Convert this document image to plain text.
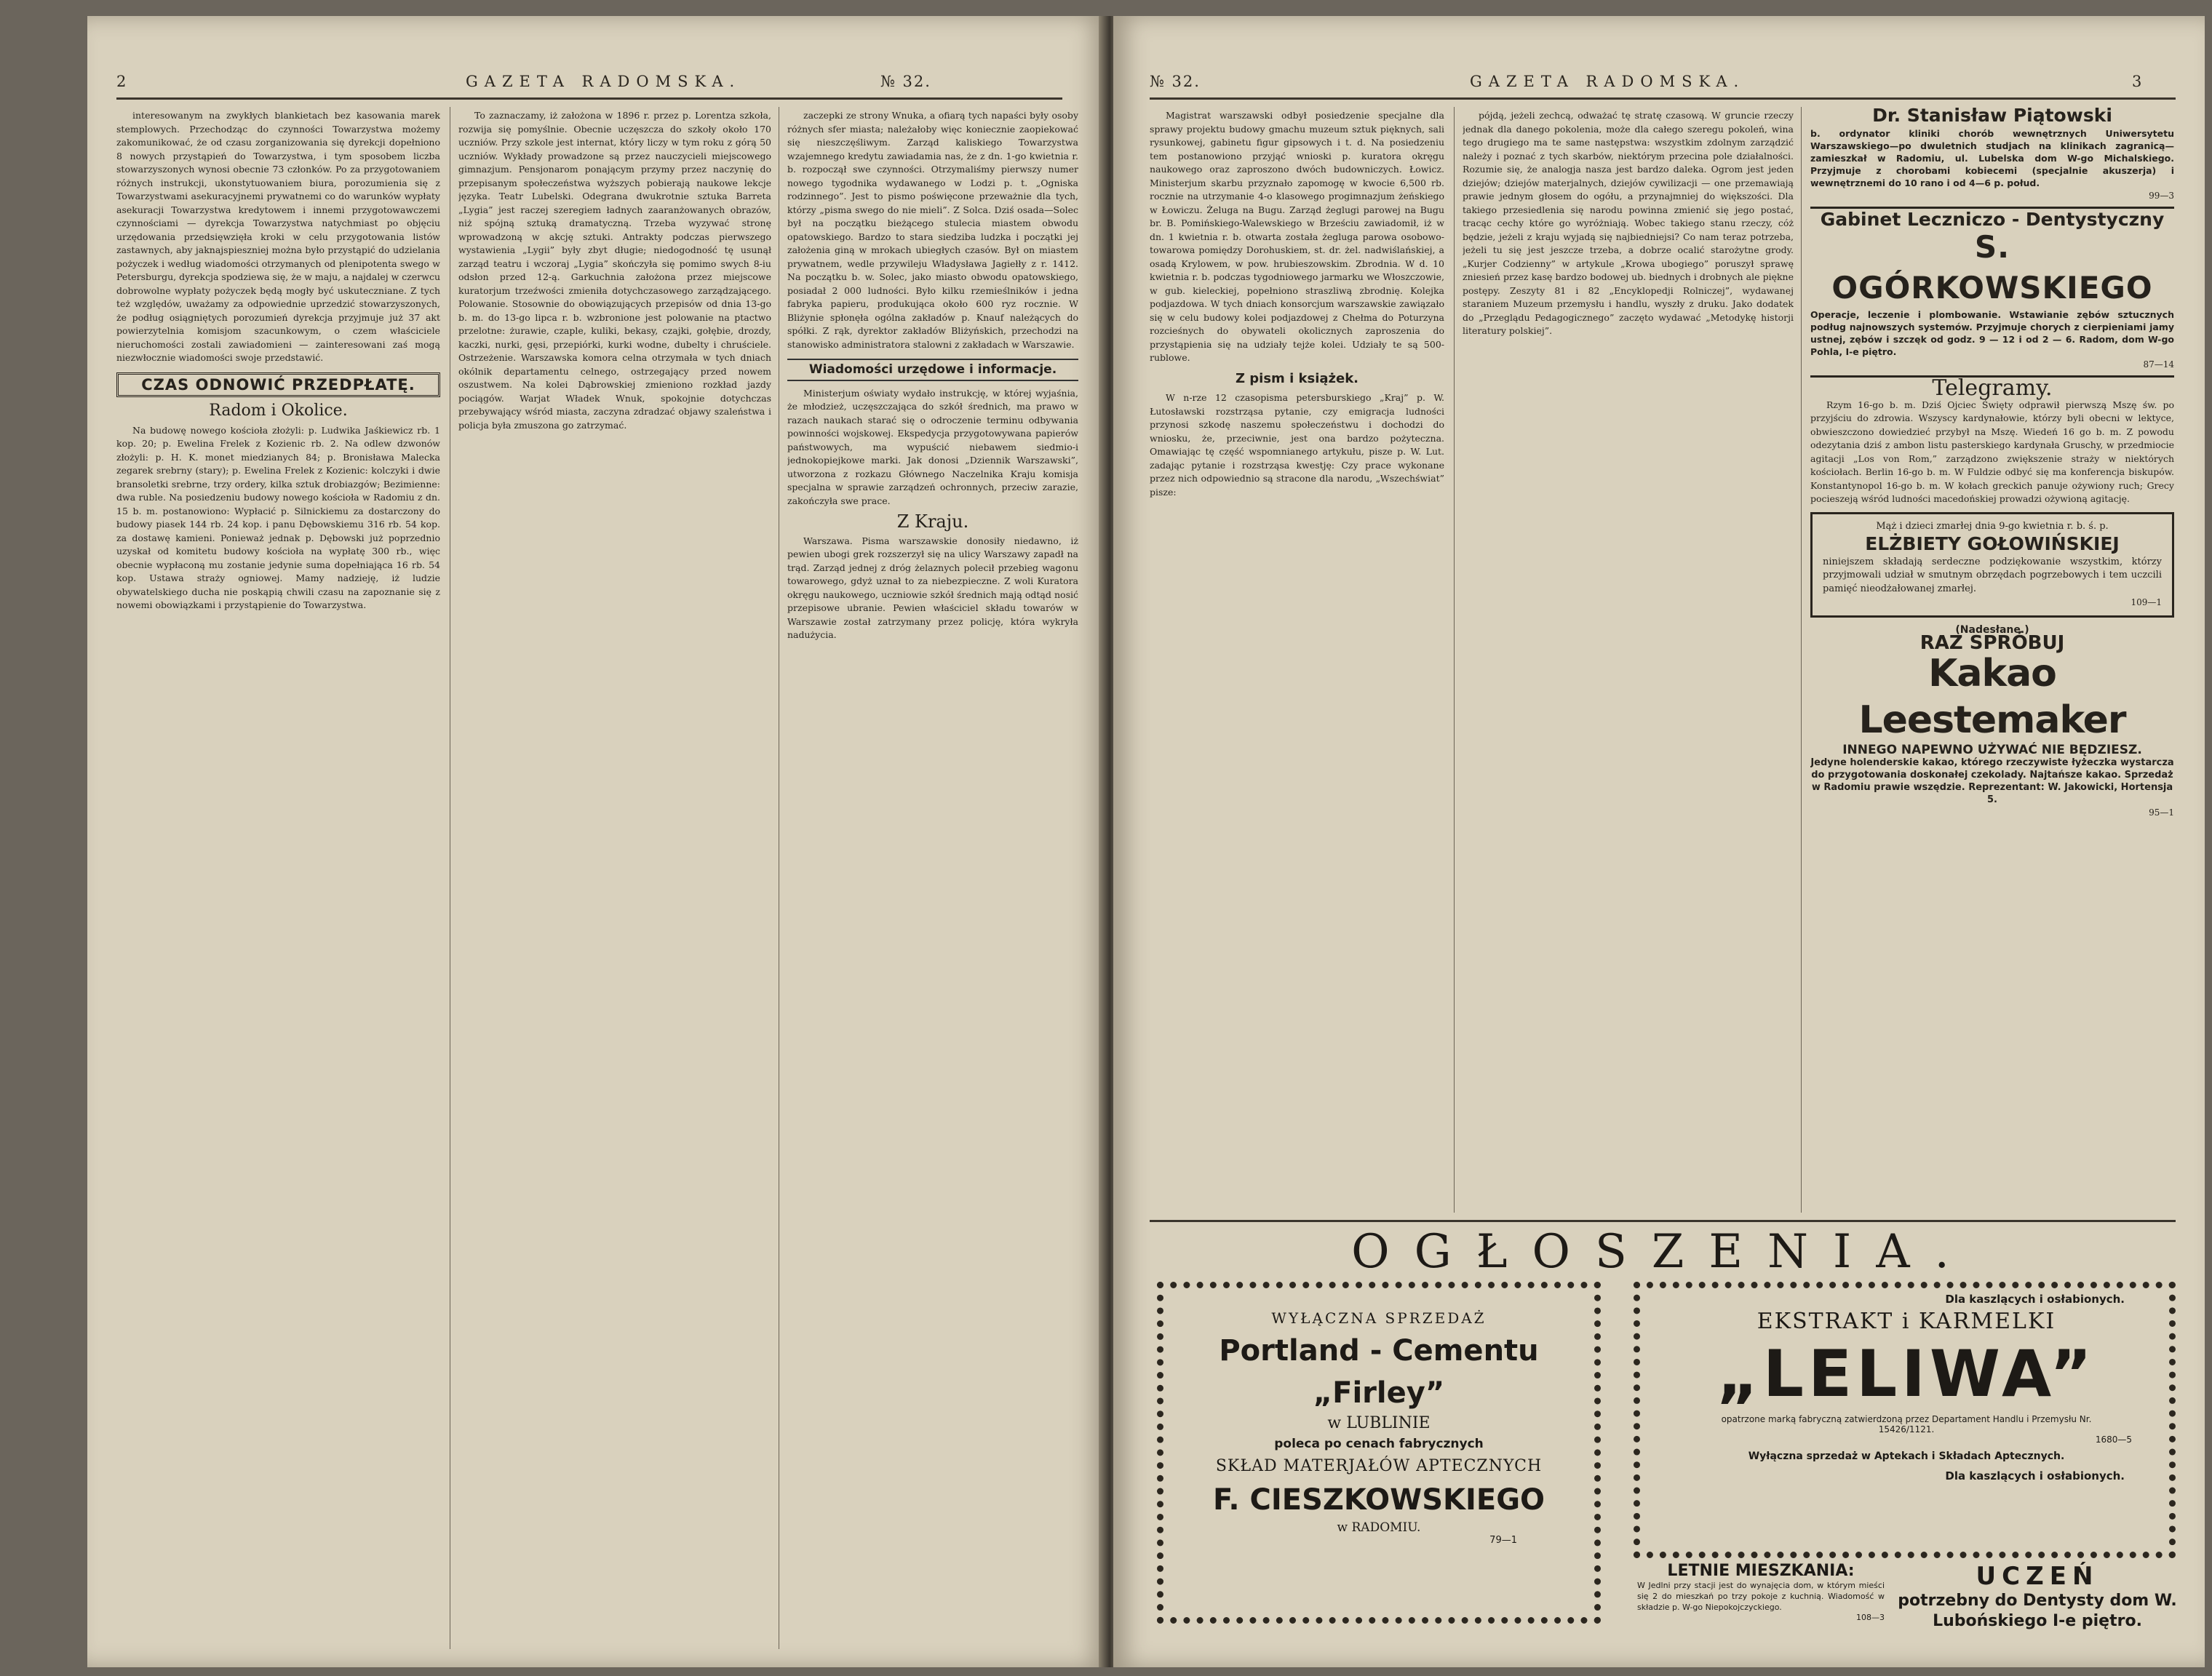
2	GAZETA RADOMSKA.	№ 32.

interesowanym na zwykłych blankietach bez kasowania marek stemplowych. Przechodząc do czynności Towarzystwa możemy zakomunikować, że od czasu zorganizowania się dyrekcji dopełniono 8 nowych przystąpień do Towarzystwa, i tym sposobem liczba stowarzyszonych wynosi obecnie 73 członków. Po za przygotowaniem różnych instrukcji, ukonstytuowaniem biura, porozumienia się z Towarzystwami asekuracyjnemi prywatnemi co do warunków wypłaty asekuracji Towarzystwa kredytowem i innemi przygotowawczemi czynnościami — dyrekcja Towarzystwa natychmiast po objęciu urzędowania przedsięwzięła kroki w celu przygotowania listów zastawnych, aby jaknajspieszniej można było przystąpić do udzielania pożyczek i według wiadomości otrzymanych od plenipotenta swego w Petersburgu, dyrekcja spodziewa się, że w maju, a najdalej w czerwcu dobrowolne wypłaty pożyczek będą mogły być uskuteczniane. Z tych też względów, uważamy za odpowiednie uprzedzić stowarzyszonych, że podług osiągniętych porozumień dyrekcja przyjmuje już 37 akt powierzytelnia komisjom szacunkowym, o czem właściciele nieruchomości zostali zawiadomieni — zainteresowani zaś mogą niezwłocznie wiadomości swoje przedstawić.

CZAS ODNOWIĆ PRZEDPŁATĘ.
Radom i Okolice.

Na budowę nowego kościoła złożyli: p. Ludwika Jaśkiewicz rb. 1 kop. 20; p. Ewelina Frelek z Kozienic rb. 2. Na odlew dzwonów złożyli: p. H. K. monet miedzianych 84; p. Bronisława Malecka zegarek srebrny (stary); p. Ewelina Frelek z Kozienic: kolczyki i dwie bransoletki srebrne, trzy ordery, kilka sztuk drobiazgów; Bezimienne: dwa ruble. Na posiedzeniu budowy nowego kościoła w Radomiu z dn. 15 b. m. postanowiono: Wypłacić p. Silnickiemu za dostarczony do budowy piasek 144 rb. 24 kop. i panu Dębowskiemu 316 rb. 54 kop. za dostawę kamieni. Ponieważ jednak p. Dębowski już poprzednio uzyskał od komitetu budowy kościoła na wypłatę 300 rb., więc obecnie wypłaconą mu zostanie jedynie suma dopełniająca 16 rb. 54 kop. Ustawa straży ogniowej. Mamy nadzieję, iż ludzie obywatelskiego ducha nie poskąpią chwili czasu na zapoznanie się z nowemi obowiązkami i przystąpienie do Towarzystwa.

To zaznaczamy, iż założona w 1896 r. przez p. Lorentza szkoła, rozwija się pomyślnie. Obecnie uczęszcza do szkoły około 170 uczniów. Przy szkole jest internat, który liczy w tym roku z górą 50 uczniów. Wykłady prowadzone są przez nauczycieli miejscowego gimnazjum. Pensjonarom ponającym przymy przez naczynię do przepisanym społeczeństwa wyższych pobierają naukowe lekcje języka. Teatr Lubelski. Odegrana dwukrotnie sztuka Barreta „Lygia” jest raczej szeregiem ładnych zaaranżowanych obrazów, niż spójną sztuką dramatyczną. Trzeba wyzywać stronę wprowadzoną w akcję sztuki. Antrakty podczas pierwszego wystawienia „Lygii” były zbyt długie; niedogodność tę usunął zarząd teatru i wczoraj „Lygia” skończyła się pomimo swych 8-iu odsłon przed 12-ą. Garkuchnia założona przez miejscowe kuratorjum trzeźwości zmieniła dotychczasowego zarządzającego. Polowanie. Stosownie do obowiązujących przepisów od dnia 13-go b. m. do 13-go lipca r. b. wzbronione jest polowanie na ptactwo przelotne: żurawie, czaple, kuliki, bekasy, czajki, gołębie, drozdy, kaczki, nurki, gęsi, przepiórki, kurki wodne, dubelty i chruściele. Ostrzeżenie. Warszawska komora celna otrzymała w tych dniach okólnik departamentu celnego, ostrzegający przed nowem oszustwem. Na kolei Dąbrowskiej zmieniono rozkład jazdy pociągów. Warjat Władek Wnuk, spokojnie dotychczas przebywający wśród miasta, zaczyna zdradzać objawy szaleństwa i policja była zmuszona go zatrzymać.

zaczepki ze strony Wnuka, a ofiarą tych napaści były osoby różnych sfer miasta; należałoby więc koniecznie zaopiekować się nieszczęśliwym. Zarząd kaliskiego Towarzystwa wzajemnego kredytu zawiadamia nas, że z dn. 1-go kwietnia r. b. rozpoczął swe czynności. Otrzymaliśmy pierwszy numer nowego tygodnika wydawanego w Lodzi p. t. „Ogniska rodzinnego”. Jest to pismo poświęcone przeważnie dla tych, którzy „pisma swego do nie mieli”. Z Solca. Dziś osada—Solec był na początku bieżącego stulecia miastem obwodu opatowskiego. Bardzo to stara siedziba ludzka i początki jej założenia giną w mrokach ubiegłych czasów. Był on miastem prywatnem, wedle przywileju Władysława Jagiełły z r. 1412. Na początku b. w. Solec, jako miasto obwodu opatowskiego, posiadał 2 000 ludności. Było kilku rzemieślników i jedna fabryka papieru, produkująca około 600 ryz rocznie. W Bliżynie spłonęła ogólna zakładów p. Knauf należących do spółki. Z rąk, dyrektor zakładów Bliżyńskich, przechodzi na stanowisko administratora stalowni z zakładach w Warszawie.

Wiadomości urzędowe i informacje.

Ministerjum oświaty wydało instrukcję, w której wyjaśnia, że młodzież, uczęszczająca do szkół średnich, ma prawo w razach naukach starać się o odroczenie terminu odbywania powinności wojskowej. Ekspedycja przygotowywana papierów państwowych, ma wypuścić niebawem siedmio-i jednokopiejkowe marki. Jak donosi „Dziennik Warszawski”, utworzona z rozkazu Głównego Naczelnika Kraju komisja specjalna w sprawie zarządzeń ochronnych, przeciw zarazie, zakończyła swe prace.

Z Kraju.

Warszawa. Pisma warszawskie donosiły niedawno, iż pewien ubogi grek rozszerzył się na ulicy Warszawy zapadł na trąd. Zarząd jednej z dróg żelaznych polecił przebieg wagonu towarowego, gdyż uznał to za niebezpieczne. Z woli Kuratora okręgu naukowego, uczniowie szkół średnich mają odtąd nosić przepisowe ubranie. Pewien właściciel składu towarów w Warszawie został zatrzymany przez policję, która wykryła nadużycia.

№ 32.	GAZETA RADOMSKA.	3

Magistrat warszawski odbył posiedzenie specjalne dla sprawy projektu budowy gmachu muzeum sztuk pięknych, sali rysunkowej, gabinetu figur gipsowych i t. d. Na posiedzeniu tem postanowiono przyjąć wnioski p. kuratora okręgu naukowego oraz zaproszono dwóch budowniczych. Łowicz. Ministerjum skarbu przyznało zapomogę w kwocie 6,500 rb. rocznie na utrzymanie 4-o klasowego progimnazjum żeńskiego w Łowiczu. Żeluga na Bugu. Zarząd żeglugi parowej na Bugu br. B. Pomińskiego-Walewskiego w Brześciu zawiadomił, iż w dn. 1 kwietnia r. b. otwarta została żegluga parowa osobowo-towarowa pomiędzy Dorohuskiem, st. dr. żel. nadwiślańskiej, a osadą Krylowem, w pow. hrubieszowskim. Zbrodnia. W d. 10 kwietnia r. b. podczas tygodniowego jarmarku we Włoszczowie, w gub. kieleckiej, popełniono straszliwą zbrodnię. Kolejka podjazdowa. W tych dniach konsorcjum warszawskie zawiązało się w celu budowy kolei podjazdowej z Chełma do Poturzyna rozcieśnych do obywateli okolicznych zaproszenia do przystąpienia się na udziały tejże kolei. Udziały te są 500-rublowe.

Z pism i książek.

W n-rze 12 czasopisma petersburskiego „Kraj” p. W. Łutosławski rozstrząsa pytanie, czy emigracja ludności przynosi szkodę naszemu społeczeństwu i dochodzi do wniosku, że, przeciwnie, jest ona bardzo pożyteczna. Omawiając tę część wspomnianego artykułu, pisze p. W. Lut. zadając pytanie i rozstrząsa kwestję: Czy prace wykonane przez nich odpowiednio są stracone dla narodu, „Wszechświat” pisze:

pójdą, jeżeli zechcą, odważać tę stratę czasową. W gruncie rzeczy jednak dla danego pokolenia, może dla całego szeregu pokoleń, wina tego drugiego ma te same następstwa: wszystkim zdolnym zarządzić należy i poznać z tych skarbów, niektórym przecina pole działalności. Rozumie się, że analogja nasza jest bardzo daleka. Ogrom jest jeden dziejów; dziejów materjalnych, dziejów cywilizacji — one przemawiają prawie jednym głosem do ogółu, a przynajmniej do większości. Dla takiego przesiedlenia się narodu powinna zmienić się jego postać, tracąc cechy które go wyróżniają. Wobec takiego stanu rzeczy, cóż będzie, jeżeli z kraju wyjadą się najbiedniejsi? Co nam teraz potrzeba, jeżeli tu się jest jeszcze trzeba, a dobrze ocalić starożytne grody. „Kurjer Codzienny” w artykule „Krowa ubogiego” poruszył sprawę zniesień przez kasę bardzo bodowej ub. biednych i drobnych ale piękne postępy. Zeszyty 81 i 82 „Encyklopedji Rolniczej”, wydawanej staraniem Muzeum przemysłu i handlu, wyszły z druku. Jako dodatek do „Przeglądu Pedagogicznego” zaczęto wydawać „Metodykę historji literatury polskiej”.

Dr. Stanisław Piątowski
b. ordynator kliniki chorób wewnętrznych Uniwersytetu Warszawskiego—po dwuletnich studjach na klinikach zagranicą—zamieszkał w Radomiu, ul. Lubelska dom W-go Michalskiego. Przyjmuje z chorobami kobiecemi (specjalnie akuszerja) i wewnętrznemi do 10 rano i od 4—6 p. połud.
99—3
Gabinet Leczniczo - Dentystyczny
S. OGÓRKOWSKIEGO
Operacje, leczenie i plombowanie. Wstawianie zębów sztucznych podług najnowszych systemów. Przyjmuje chorych z cierpieniami jamy ustnej, zębów i szczęk od godz. 9 — 12 i od 2 — 6. Radom, dom W-go Pohla, I-e piętro.
87—14
Telegramy.

Rzym 16-go b. m. Dziś Ojciec Święty odprawił pierwszą Mszę św. po przyjściu do zdrowia. Wszyscy kardynałowie, którzy byli obecni w lektyce, obwieszczono dowiedzieć przybył na Mszę. Wiedeń 16 go b. m. Z powodu odezytania dziś z ambon listu pasterskiego kardynała Gruschy, w przedmiocie agitacji „Los von Rom,” zarządzono zwiększenie straży w niektórych kościołach. Berlin 16-go b. m. W Fuldzie odbyć się ma konferencja biskupów. Konstantynopol 16-go b. m. W kołach greckich panuje ożywiony ruch; Grecy pocieszeją wśród ludności macedońskiej prowadzi ożywioną agitację.

Mąż i dzieci zmarłej dnia 9-go kwietnia r. b. ś. p.
ELŻBIETY GOŁOWIŃSKIEJ
niniejszem składają serdeczne podziękowanie wszystkim, którzy przyjmowali udział w smutnym obrzędach pogrzebowych i tem uczcili pamięć nieodżałowanej zmarłej.
109—1
(Nadesłane.)
RAZ SPRÓBUJ
Kakao Leestemaker
INNEGO NAPEWNO UŻYWAĆ NIE BĘDZIESZ.
Jedyne holenderskie kakao, którego rzeczywiste łyżeczka wystarcza do przygotowania doskonałej czekolady. Najtańsze kakao. Sprzedaż w Radomiu prawie wszędzie. Reprezentant: W. Jakowicki, Hortensja 5.
95—1
OGŁOSZENIA.
WYŁĄCZNA SPRZEDAŻ
Portland - Cementu „Firley”
w LUBLINIE
poleca po cenach fabrycznych
SKŁAD MATERJAŁÓW APTECZNYCH
F. CIESZKOWSKIEGO
w RADOMIU.
79—1
Dla kaszlących i osłabionych.
EKSTRAKT i KARMELKI
„LELIWA”
opatrzone marką fabryczną zatwierdzoną przez Departament Handlu i Przemysłu Nr. 15426/1121.
1680—5
Wyłączna sprzedaż w Aptekach i Składach Aptecznych.
Dla kaszlących i osłabionych.
LETNIE MIESZKANIA:
W Jedlni przy stacji jest do wynajęcia dom, w którym mieści się 2 do mieszkań po trzy pokoje z kuchnią. Wiadomość w składzie p. W-go Niepokojczyckiego.
108—3
UCZEŃ
potrzebny do Dentysty dom W. Lubońskiego I-e piętro.
